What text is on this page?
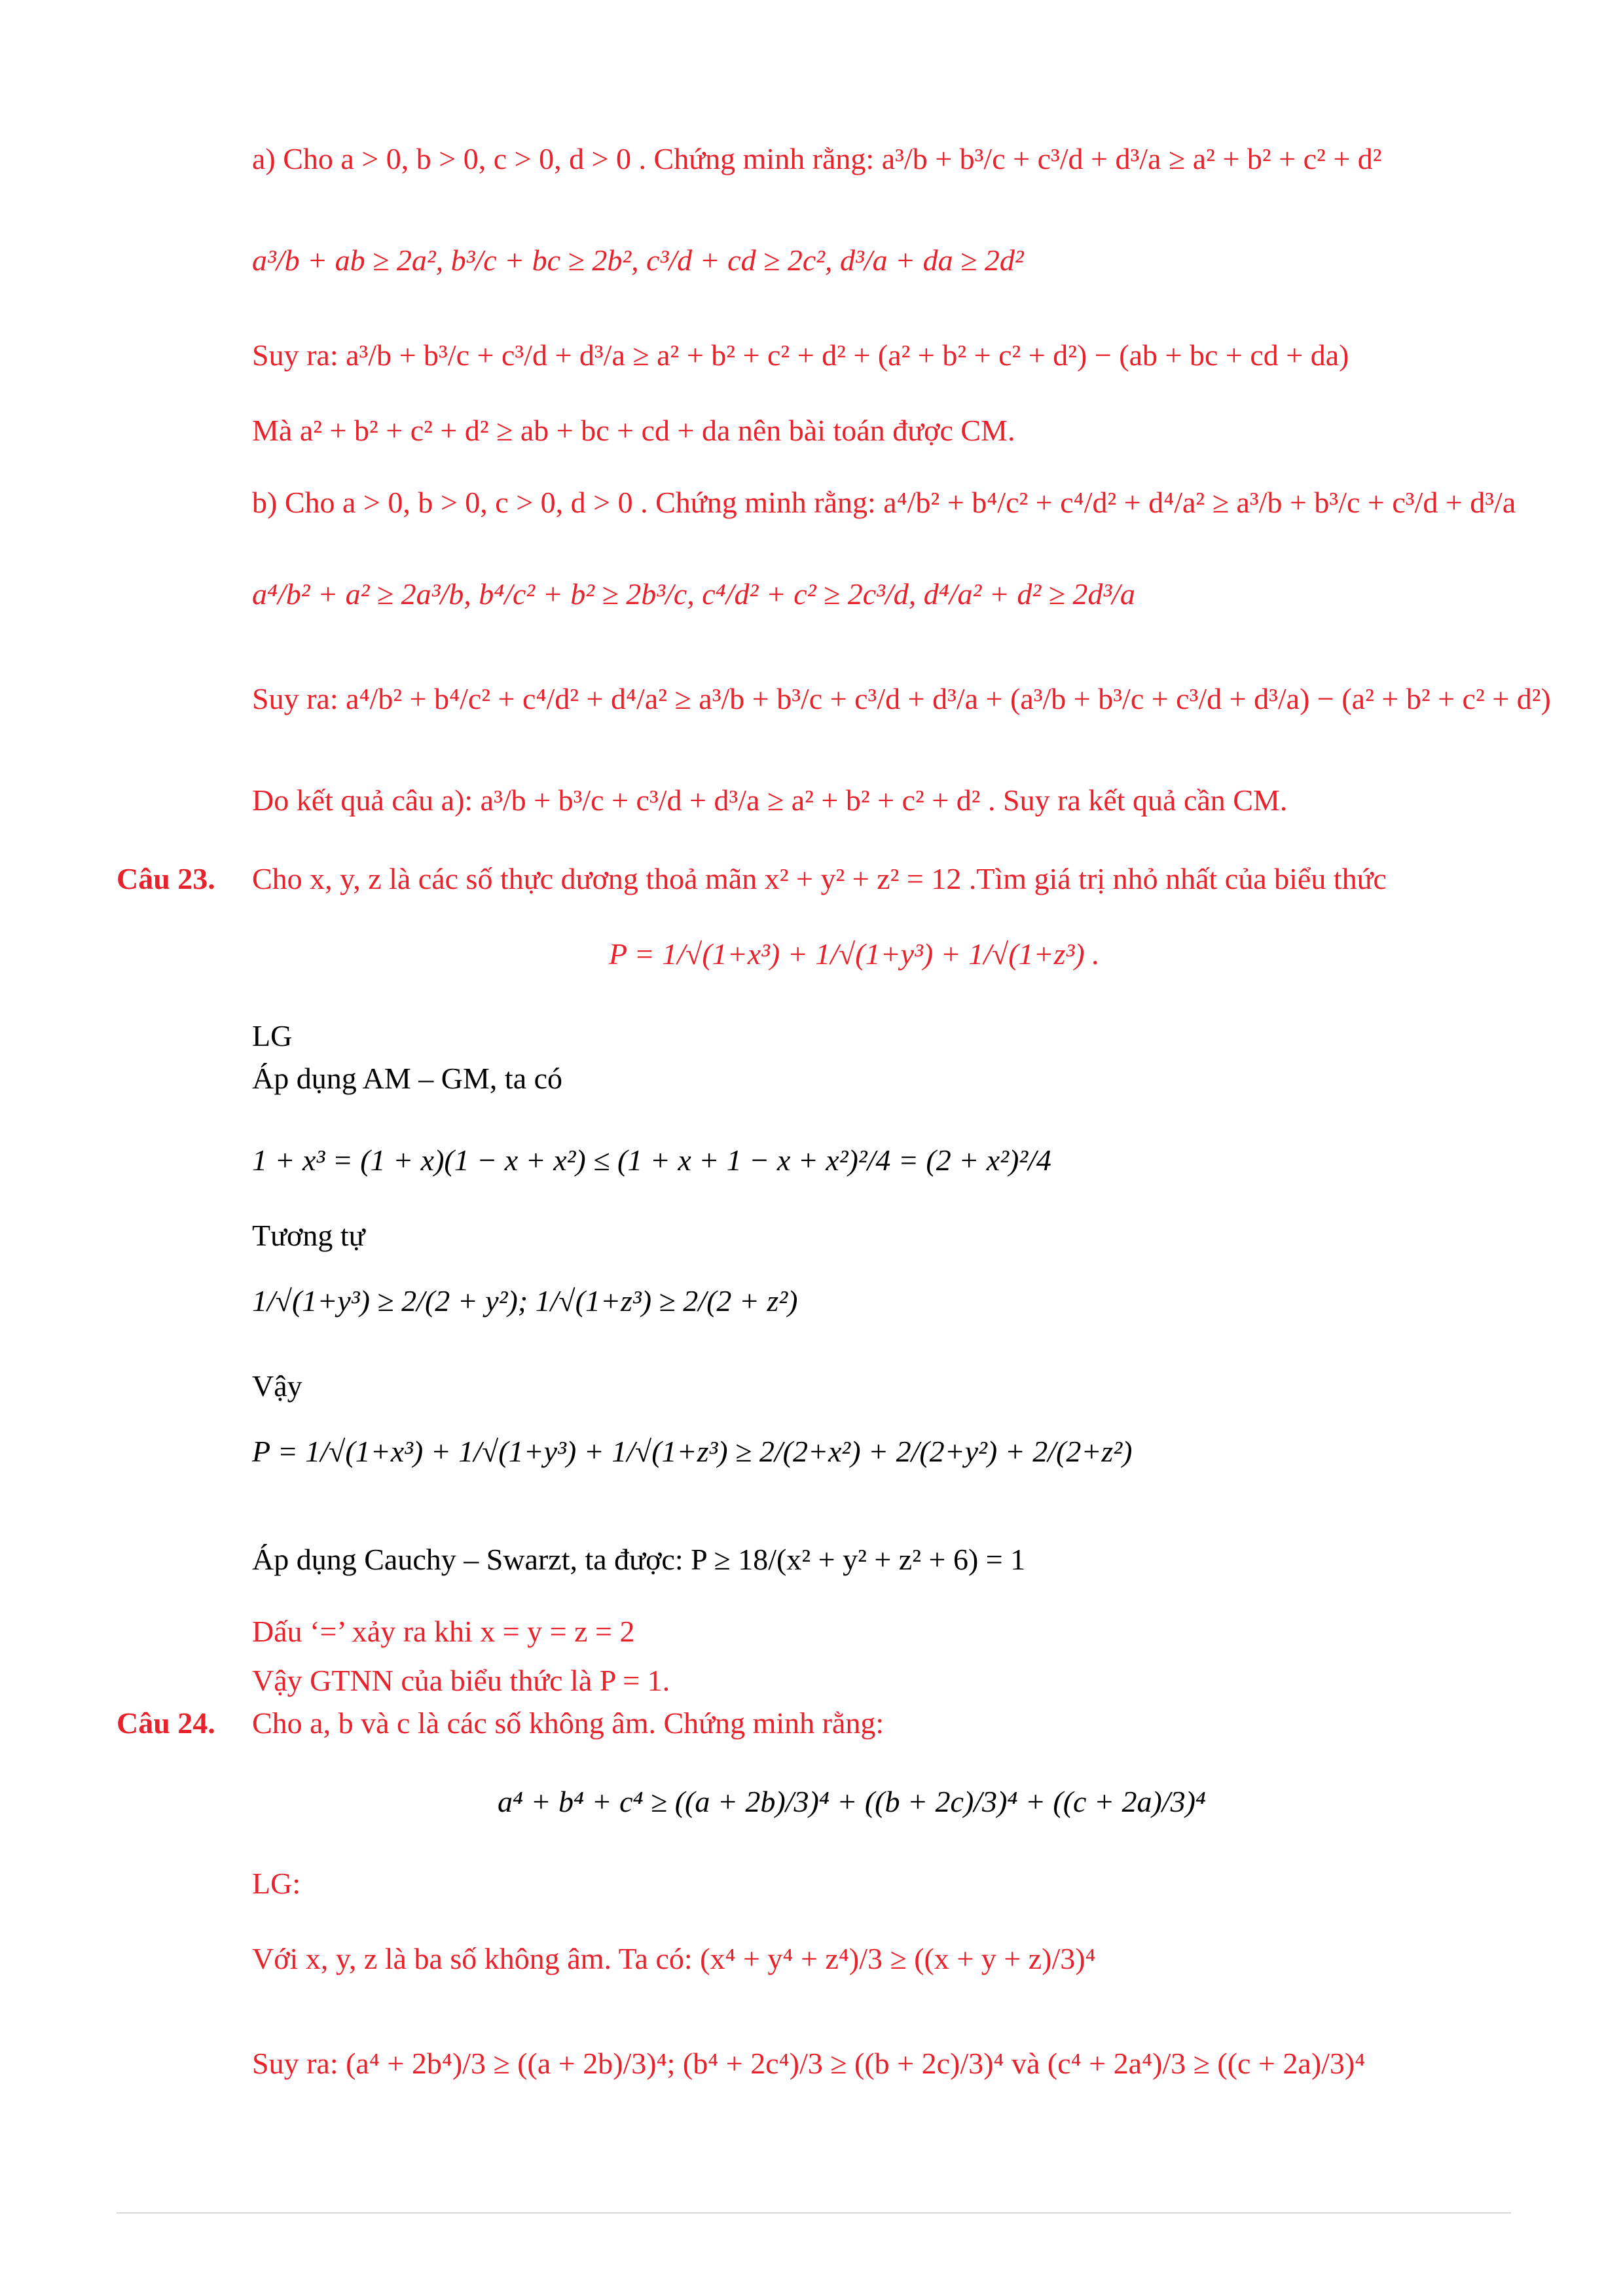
a) Cho a > 0, b > 0, c > 0, d > 0 . Chứng minh rằng: a³/b + b³/c + c³/d + d³/a ≥ a² + b² + c² + d²
a³/b + ab ≥ 2a², b³/c + bc ≥ 2b², c³/d + cd ≥ 2c², d³/a + da ≥ 2d²
Suy ra: a³/b + b³/c + c³/d + d³/a ≥ a² + b² + c² + d² + (a² + b² + c² + d²) − (ab + bc + cd + da)
Mà a² + b² + c² + d² ≥ ab + bc + cd + da nên bài toán được CM.
b) Cho a > 0, b > 0, c > 0, d > 0 . Chứng minh rằng: a⁴/b² + b⁴/c² + c⁴/d² + d⁴/a² ≥ a³/b + b³/c + c³/d + d³/a
a⁴/b² + a² ≥ 2a³/b, b⁴/c² + b² ≥ 2b³/c, c⁴/d² + c² ≥ 2c³/d, d⁴/a² + d² ≥ 2d³/a
Suy ra: a⁴/b² + b⁴/c² + c⁴/d² + d⁴/a² ≥ a³/b + b³/c + c³/d + d³/a + (a³/b + b³/c + c³/d + d³/a) − (a² + b² + c² + d²)
Do kết quả câu a): a³/b + b³/c + c³/d + d³/a ≥ a² + b² + c² + d² . Suy ra kết quả cần CM.
Câu 23. Cho x, y, z là các số thực dương thoả mãn x² + y² + z² = 12 .Tìm giá trị nhỏ nhất của biểu thức
P = 1/√(1+x³) + 1/√(1+y³) + 1/√(1+z³) .
LG
Áp dụng AM – GM, ta có
1 + x³ = (1 + x)(1 − x + x²) ≤ (1 + x + 1 − x + x²)²/4 = (2 + x²)²/4
Tương tự
1/√(1+y³) ≥ 2/(2 + y²); 1/√(1+z³) ≥ 2/(2 + z²)
Vậy
P = 1/√(1+x³) + 1/√(1+y³) + 1/√(1+z³) ≥ 2/(2+x²) + 2/(2+y²) + 2/(2+z²)
Áp dụng Cauchy – Swarzt, ta được: P ≥ 18/(x² + y² + z² + 6) = 1
Dấu ‘=’ xảy ra khi x = y = z = 2
Vậy GTNN của biểu thức là P = 1.
Câu 24. Cho a, b và c là các số không âm. Chứng minh rằng:
a⁴ + b⁴ + c⁴ ≥ ((a + 2b)/3)⁴ + ((b + 2c)/3)⁴ + ((c + 2a)/3)⁴
LG:
Với x, y, z là ba số không âm. Ta có: (x⁴ + y⁴ + z⁴)/3 ≥ ((x + y + z)/3)⁴
Suy ra: (a⁴ + 2b⁴)/3 ≥ ((a + 2b)/3)⁴; (b⁴ + 2c⁴)/3 ≥ ((b + 2c)/3)⁴ và (c⁴ + 2a⁴)/3 ≥ ((c + 2a)/3)⁴
